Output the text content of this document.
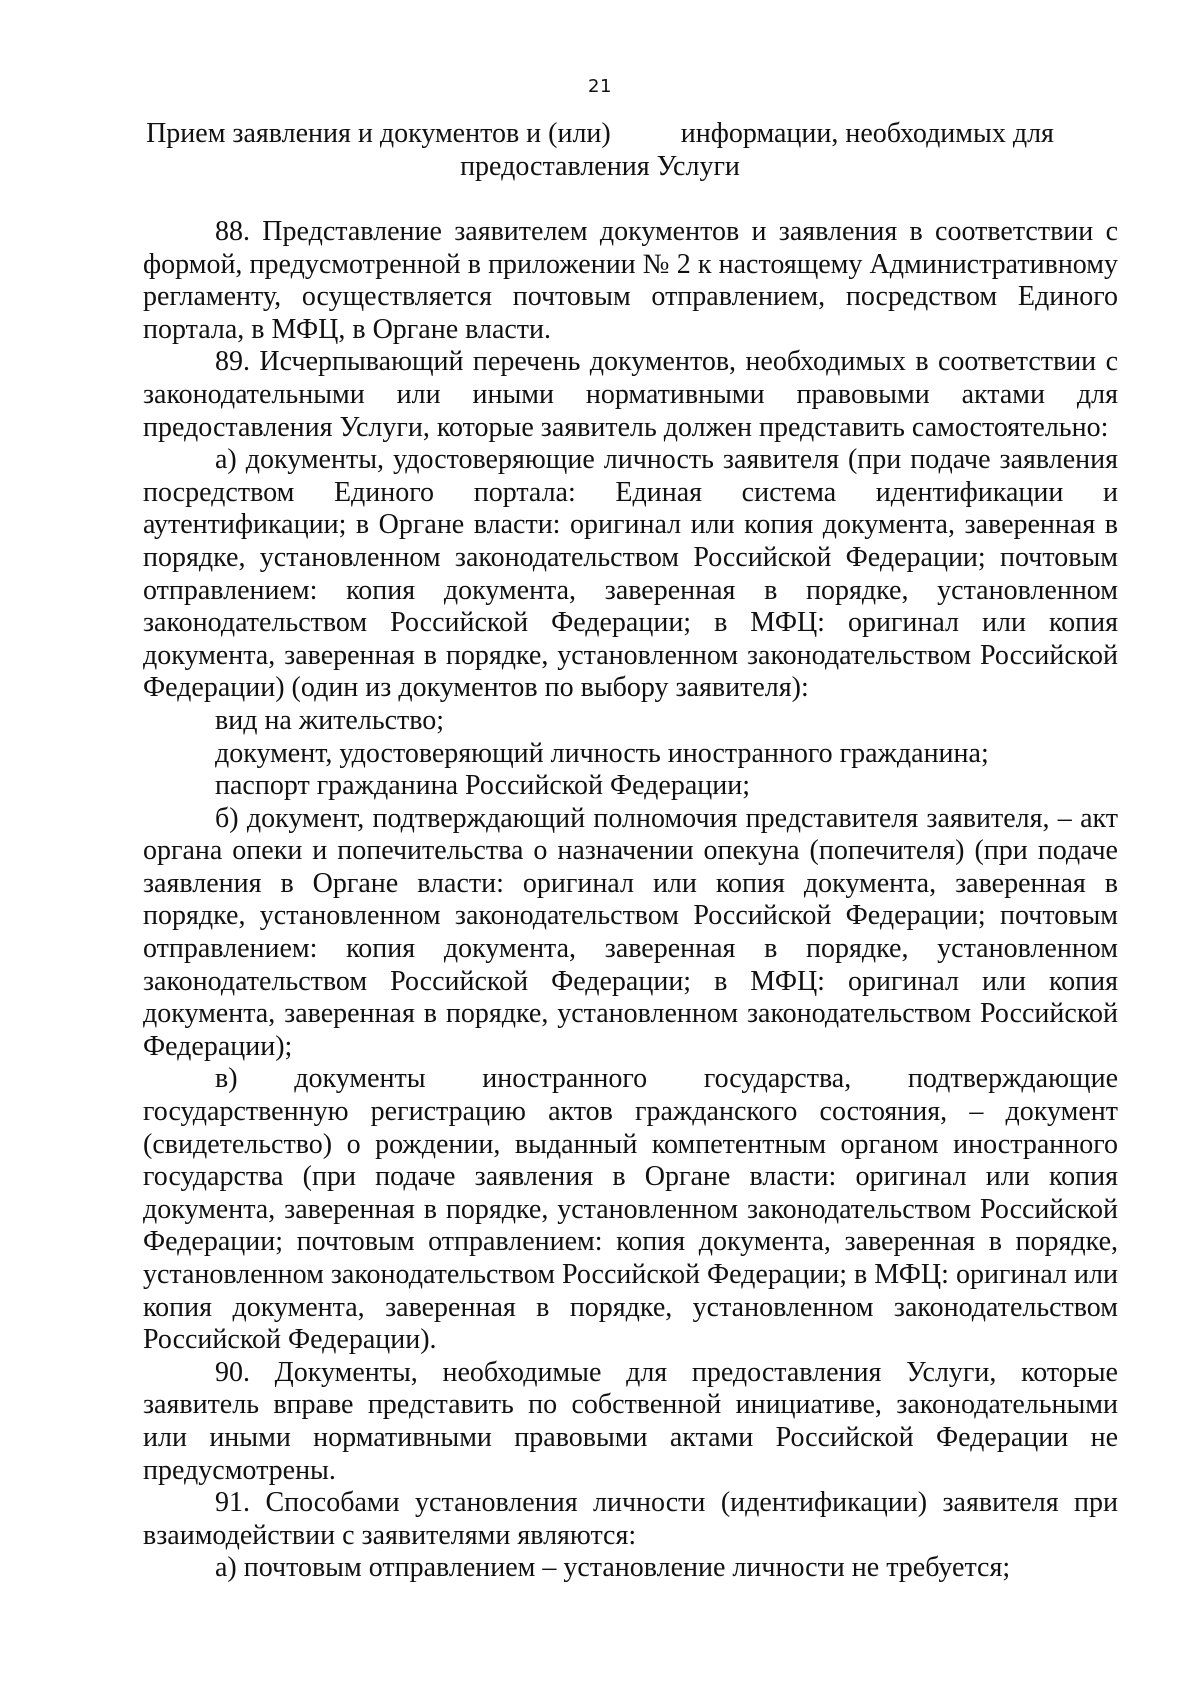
21
Прием заявления и документов и (или)	информации, необходимых для
предоставления Услуги

88. Представление заявителем документов и заявления в соответствии с формой, предусмотренной в приложении № 2 к настоящему Административному регламенту, осуществляется почтовым отправлением, посредством Единого портала, в МФЦ, в Органе власти.

89. Исчерпывающий перечень документов, необходимых в соответствии с законодательными или иными нормативными правовыми актами для предоставления Услуги, которые заявитель должен представить самостоятельно:

а) документы, удостоверяющие личность заявителя (при подаче заявления посредством Единого портала: Единая система идентификации и аутентификации; в Органе власти: оригинал или копия документа, заверенная в порядке, установленном законодательством Российской Федерации; почтовым отправлением: копия документа, заверенная в порядке, установленном законодательством Российской Федерации; в МФЦ: оригинал или копия документа, заверенная в порядке, установленном законодательством Российской Федерации) (один из документов по выбору заявителя):

вид на жительство;

документ, удостоверяющий личность иностранного гражданина;

паспорт гражданина Российской Федерации;

б) документ, подтверждающий полномочия представителя заявителя, – акт органа опеки и попечительства о назначении опекуна (попечителя) (при подаче заявления в Органе власти: оригинал или копия документа, заверенная в порядке, установленном законодательством Российской Федерации; почтовым отправлением: копия документа, заверенная в порядке, установленном законодательством Российской Федерации; в МФЦ: оригинал или копия документа, заверенная в порядке, установленном законодательством Российской Федерации);

в) документы иностранного государства, подтверждающие государственную регистрацию актов гражданского состояния, – документ (свидетельство) о рождении, выданный компетентным органом иностранного государства (при подаче заявления в Органе власти: оригинал или копия документа, заверенная в порядке, установленном законодательством Российской Федерации; почтовым отправлением: копия документа, заверенная в порядке, установленном законодательством Российской Федерации; в МФЦ: оригинал или копия документа, заверенная в порядке, установленном законодательством Российской Федерации).

90. Документы, необходимые для предоставления Услуги, которые заявитель вправе представить по собственной инициативе, законодательными или иными нормативными правовыми актами Российской Федерации не предусмотрены.

91. Способами установления личности (идентификации) заявителя при взаимодействии с заявителями являются:

а) почтовым отправлением – установление личности не требуется;
